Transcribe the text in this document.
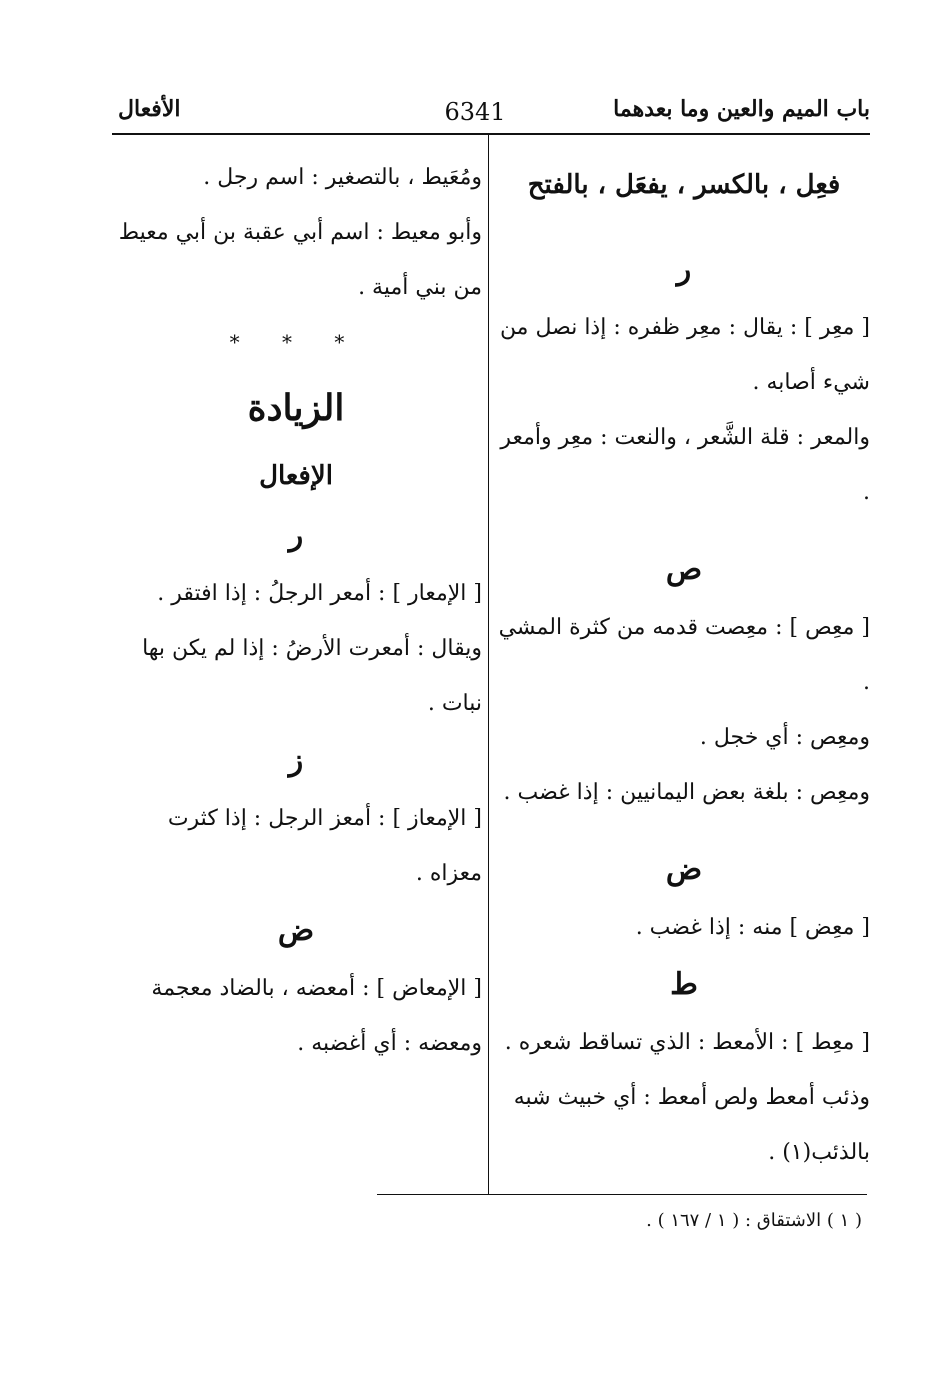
باب الميم والعين وما بعدهما
6341
الأفعال

فعِل ، بالكسر ، يفعَل ، بالفتح

ر

[ معِر ] : يقال : معِر ظفره : إذا نصل من شيء أصابه .

والمعر : قلة الشَّعر ، والنعت : معِر وأمعر .

ص

[ معِص ] : معِصت قدمه من كثرة المشي .

ومعِص : أي خجل .

ومعِص : بلغة بعض اليمانيين : إذا غضب .

ض

[ معِض ] منه : إذا غضب .

ط

[ معِط ] : الأمعط : الذي تساقط شعره .

وذئب أمعط ولص أمعط : أي خبيث شبه بالذئب(١) .

ومُعَيط ، بالتصغير : اسم رجل .

وأبو معيط : اسم أبي عقبة بن أبي معيط من بني أمية .

* * *

الزيادة

الإفعال

ر

[ الإمعار ] : أمعر الرجلُ : إذا افتقر .

ويقال : أمعرت الأرضُ : إذا لم يكن بها نبات .

ز

[ الإمعاز ] : أمعز الرجل : إذا كثرت معزاه .

ض

[ الإمعاض ] : أمعضه ، بالضاد معجمة ومعضه : أي أغضبه .

( ١ ) الاشتقاق : ( ١ / ١٦٧ ) .
